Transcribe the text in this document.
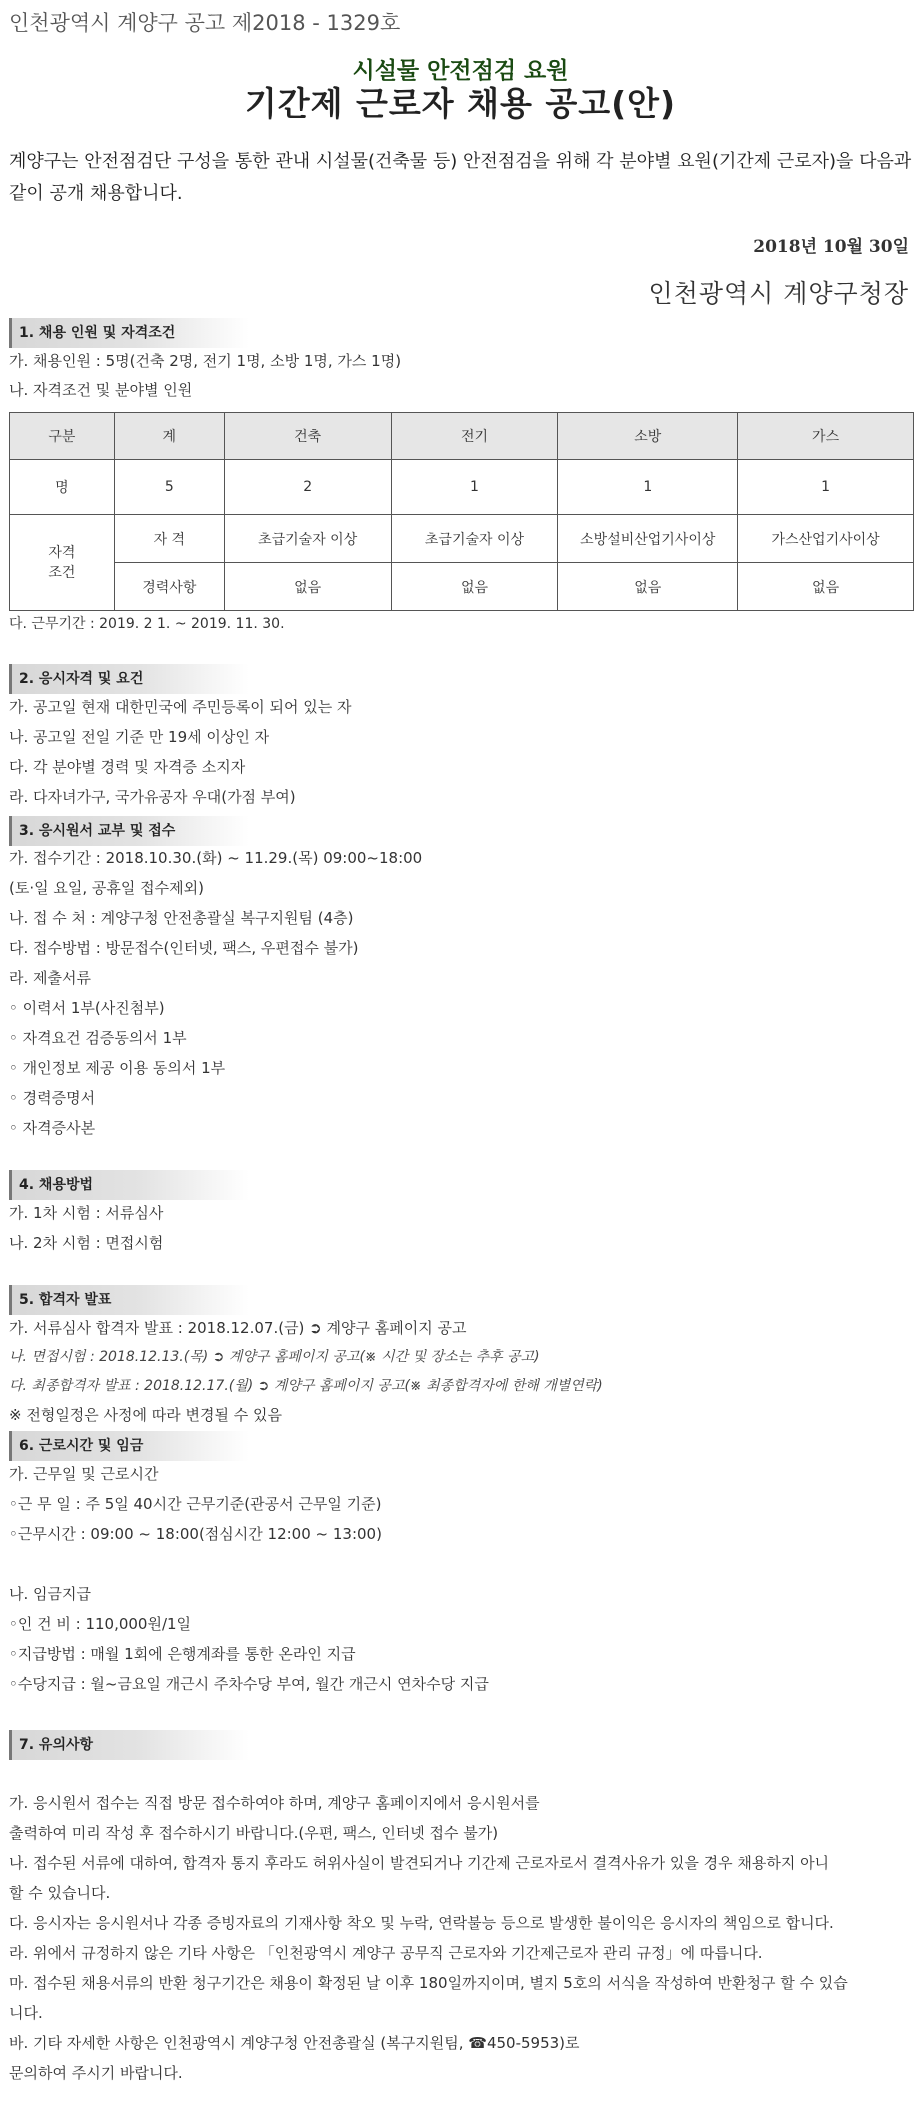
인천광역시 계양구 공고 제2018 - 1329호
시설물 안전점검 요원
기간제 근로자 채용 공고(안)
계양구는 안전점검단 구성을 통한 관내 시설물(건축물 등) 안전점검을 위해 각 분야별 요원(기간제 근로자)을 다음과 같이 공개 채용합니다.
2018년 10월 30일
인천광역시 계양구청장
1. 채용 인원 및 자격조건
가. 채용인원 : 5명(건축 2명, 전기 1명, 소방 1명, 가스 1명)
나. 자격조건 및 분야별 인원
구분	계	건축	전기	소방	가스
명	5	2	1	1	1
자격
조건	자 격	초급기술자 이상	초급기술자 이상	소방설비산업기사이상	가스산업기사이상
	경력사항	없음	없음	없음	없음
다. 근무기간 : 2019. 2 1. ~ 2019. 11. 30.
2. 응시자격 및 요건
가. 공고일 현재 대한민국에 주민등록이 되어 있는 자
나. 공고일 전일 기준 만 19세 이상인 자
다. 각 분야별 경력 및 자격증 소지자
라. 다자녀가구, 국가유공자 우대(가점 부여)
3. 응시원서 교부 및 접수
가. 접수기간 : 2018.10.30.(화) ~ 11.29.(목) 09:00~18:00
(토·일 요일, 공휴일 접수제외)
나. 접 수 처 : 계양구청 안전총괄실 복구지원팀 (4층)
다. 접수방법 : 방문접수(인터넷, 팩스, 우편접수 불가)
라. 제출서류
◦ 이력서 1부(사진첨부)
◦ 자격요건 검증동의서 1부
◦ 개인정보 제공 이용 동의서 1부
◦ 경력증명서
◦ 자격증사본
4. 채용방법
가. 1차 시험 : 서류심사
나. 2차 시험 : 면접시험
5. 합격자 발표
가. 서류심사 합격자 발표 : 2018.12.07.(금) ➲ 계양구 홈페이지 공고
나. 면접시험 : 2018.12.13.(목) ➲ 계양구 홈페이지 공고(※ 시간 및 장소는 추후 공고)
다. 최종합격자 발표 : 2018.12.17.(월) ➲ 계양구 홈페이지 공고(※ 최종합격자에 한해 개별연락)
※ 전형일정은 사정에 따라 변경될 수 있음
6. 근로시간 및 임금
가. 근무일 및 근로시간
◦근 무 일 : 주 5일 40시간 근무기준(관공서 근무일 기준)
◦근무시간 : 09:00 ~ 18:00(점심시간 12:00 ~ 13:00)
나. 임금지급
◦인 건 비 : 110,000원/1일
◦지급방법 : 매월 1회에 은행계좌를 통한 온라인 지급
◦수당지급 : 월~금요일 개근시 주차수당 부여, 월간 개근시 연차수당 지급
7. 유의사항
가. 응시원서 접수는 직접 방문 접수하여야 하며, 계양구 홈페이지에서 응시원서를
출력하여 미리 작성 후 접수하시기 바랍니다.(우편, 팩스, 인터넷 접수 불가)
나. 접수된 서류에 대하여, 합격자 통지 후라도 허위사실이 발견되거나 기간제 근로자로서 결격사유가 있을 경우 채용하지 아니
할 수 있습니다.
다. 응시자는 응시원서나 각종 증빙자료의 기재사항 착오 및 누락, 연락불능 등으로 발생한 불이익은 응시자의 책임으로 합니다.
라. 위에서 규정하지 않은 기타 사항은 「인천광역시 계양구 공무직 근로자와 기간제근로자 관리 규정」에 따릅니다.
마. 접수된 채용서류의 반환 청구기간은 채용이 확정된 날 이후 180일까지이며, 별지 5호의 서식을 작성하여 반환청구 할 수 있습
니다.
바. 기타 자세한 사항은 인천광역시 계양구청 안전총괄실 (복구지원팀, ☎450-5953)로
문의하여 주시기 바랍니다.
